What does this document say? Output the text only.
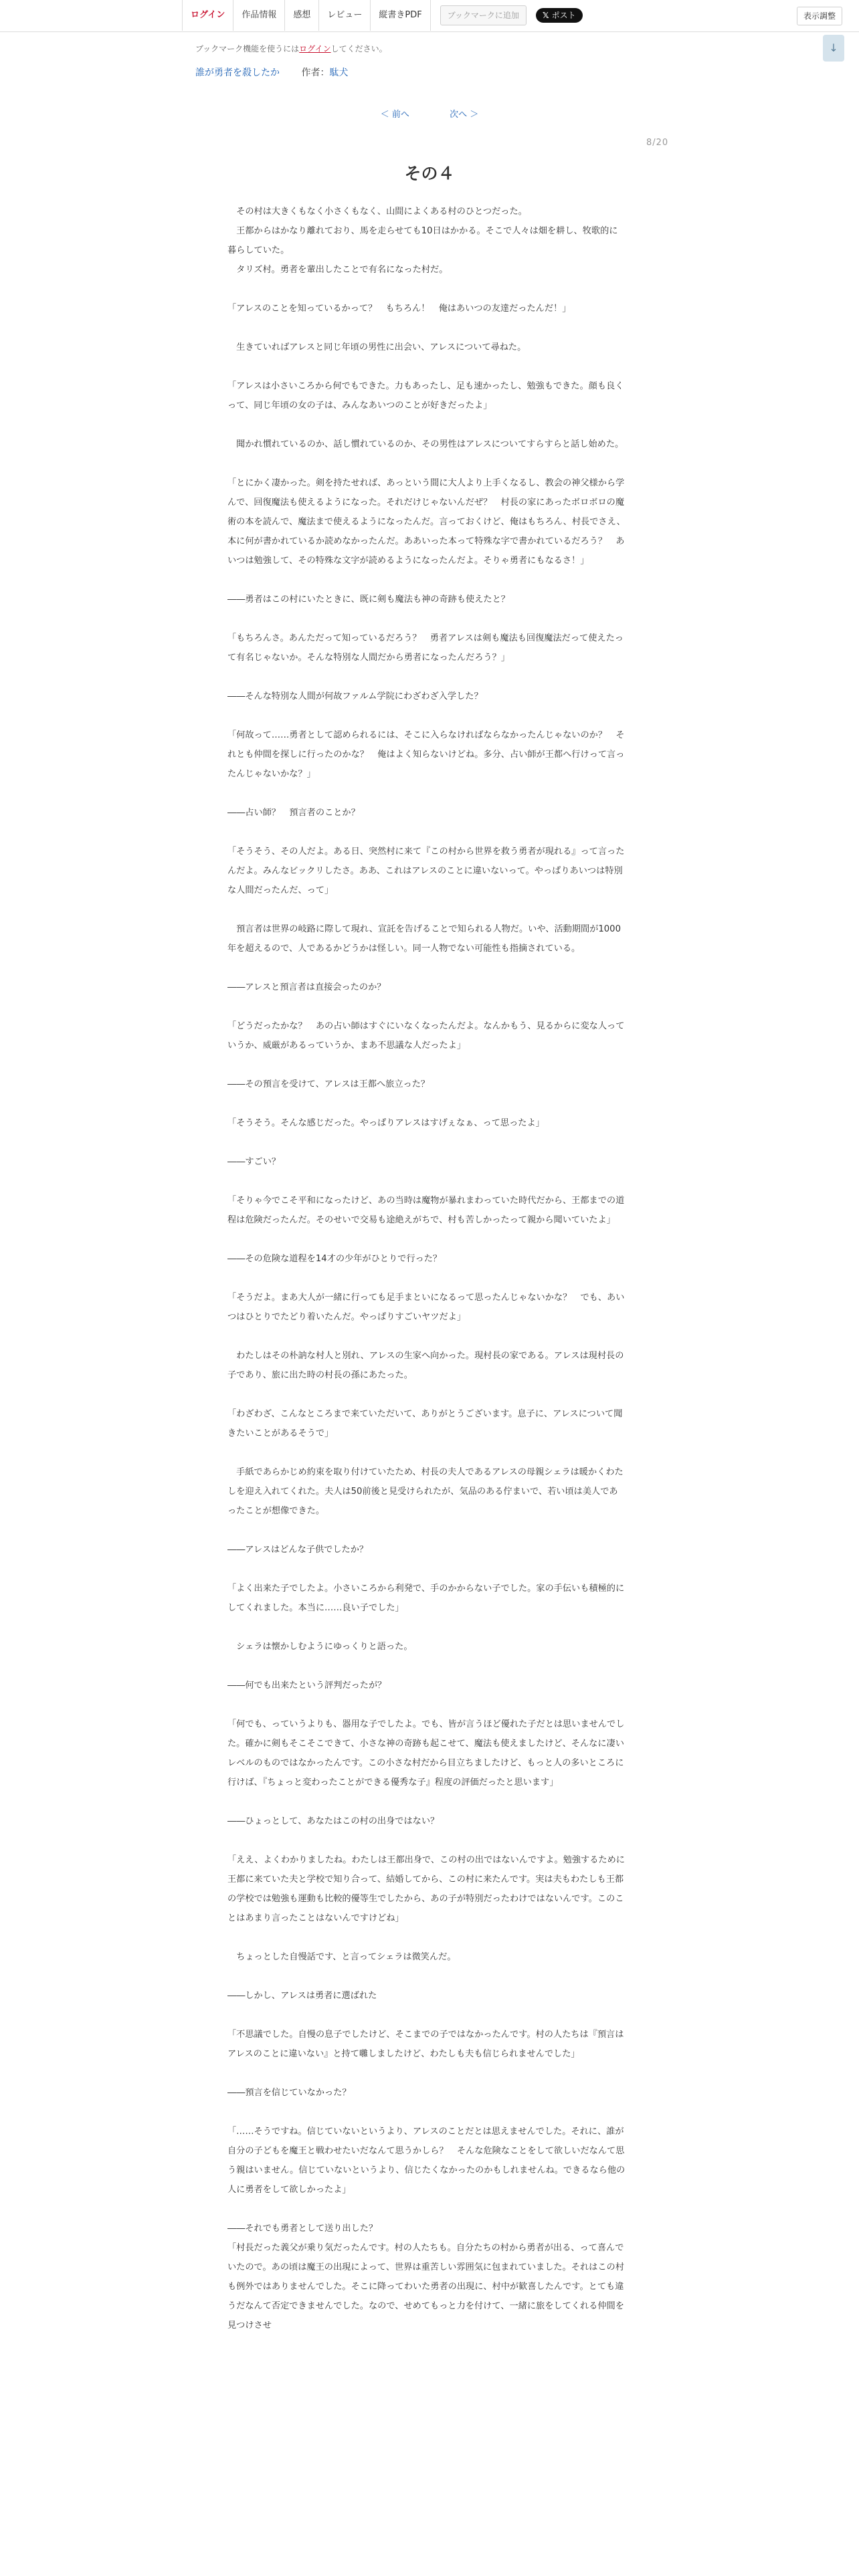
ログイン	作品情報	感想	レビュー	縦書きPDF	ブックマークに追加	𝕏 ポスト	表示調整
↓
ブックマーク機能を使うにはログインしてください。
誰が勇者を殺したか 作者：駄犬
＜ 前へ	次へ ＞
8/20
その４

　その村は大きくもなく小さくもなく、山間によくある村のひとつだった。

　王都からはかなり離れており、馬を走らせても10日はかかる。そこで人々は畑を耕し、牧歌的に暮らしていた。

　タリズ村。勇者を輩出したことで有名になった村だ。

「アレスのことを知っているかって？　もちろん！　俺はあいつの友達だったんだ！」

　生きていればアレスと同じ年頃の男性に出会い、アレスについて尋ねた。

「アレスは小さいころから何でもできた。力もあったし、足も速かったし、勉強もできた。顔も良くって、同じ年頃の女の子は、みんなあいつのことが好きだったよ」

　聞かれ慣れているのか、話し慣れているのか、その男性はアレスについてすらすらと話し始めた。

「とにかく凄かった。剣を持たせれば、あっという間に大人より上手くなるし、教会の神父様から学んで、回復魔法も使えるようになった。それだけじゃないんだぜ？　村長の家にあったボロボロの魔術の本を読んで、魔法まで使えるようになったんだ。言っておくけど、俺はもちろん、村長でさえ、本に何が書かれているか読めなかったんだ。ああいった本って特殊な字で書かれているだろう？　あいつは勉強して、その特殊な文字が読めるようになったんだよ。そりゃ勇者にもなるさ！」

――勇者はこの村にいたときに、既に剣も魔法も神の奇跡も使えたと？

「もちろんさ。あんただって知っているだろう？　勇者アレスは剣も魔法も回復魔法だって使えたって有名じゃないか。そんな特別な人間だから勇者になったんだろう？」

――そんな特別な人間が何故ファルム学院にわざわざ入学した？

「何故って……勇者として認められるには、そこに入らなければならなかったんじゃないのか？　それとも仲間を探しに行ったのかな？　俺はよく知らないけどね。多分、占い師が王都へ行けって言ったんじゃないかな？」

――占い師？　預言者のことか？

「そうそう、その人だよ。ある日、突然村に来て『この村から世界を救う勇者が現れる』って言ったんだよ。みんなビックリしたさ。ああ、これはアレスのことに違いないって。やっぱりあいつは特別な人間だったんだ、って」

　預言者は世界の岐路に際して現れ、宣託を告げることで知られる人物だ。いや、活動期間が1000年を超えるので、人であるかどうかは怪しい。同一人物でない可能性も指摘されている。

――アレスと預言者は直接会ったのか？

「どうだったかな？　あの占い師はすぐにいなくなったんだよ。なんかもう、見るからに変な人っていうか、威厳があるっていうか、まあ不思議な人だったよ」

――その預言を受けて、アレスは王都へ旅立った？

「そうそう。そんな感じだった。やっぱりアレスはすげぇなぁ、って思ったよ」

――すごい？

「そりゃ今でこそ平和になったけど、あの当時は魔物が暴れまわっていた時代だから、王都までの道程は危険だったんだ。そのせいで交易も途絶えがちで、村も苦しかったって親から聞いていたよ」

――その危険な道程を14才の少年がひとりで行った？

「そうだよ。まあ大人が一緒に行っても足手まといになるって思ったんじゃないかな？　でも、あいつはひとりでたどり着いたんだ。やっぱりすごいヤツだよ」

　わたしはその朴訥な村人と別れ、アレスの生家へ向かった。現村長の家である。アレスは現村長の子であり、旅に出た時の村長の孫にあたった。

「わざわざ、こんなところまで来ていただいて、ありがとうございます。息子に、アレスについて聞きたいことがあるそうで」

　手紙であらかじめ約束を取り付けていたため、村長の夫人であるアレスの母親シェラは暖かくわたしを迎え入れてくれた。夫人は50前後と見受けられたが、気品のある佇まいで、若い頃は美人であったことが想像できた。

――アレスはどんな子供でしたか？

「よく出来た子でしたよ。小さいころから利発で、手のかからない子でした。家の手伝いも積極的にしてくれました。本当に……良い子でした」

　シェラは懐かしむようにゆっくりと語った。

――何でも出来たという評判だったが？

「何でも、っていうよりも、器用な子でしたよ。でも、皆が言うほど優れた子だとは思いませんでした。確かに剣もそこそこできて、小さな神の奇跡も起こせて、魔法も使えましたけど、そんなに凄いレベルのものではなかったんです。この小さな村だから目立ちましたけど、もっと人の多いところに行けば、『ちょっと変わったことができる優秀な子』程度の評価だったと思います」

――ひょっとして、あなたはこの村の出身ではない？

「ええ、よくわかりましたね。わたしは王都出身で、この村の出ではないんですよ。勉強するために王都に来ていた夫と学校で知り合って、結婚してから、この村に来たんです。実は夫もわたしも王都の学校では勉強も運動も比較的優等生でしたから、あの子が特別だったわけではないんです。このことはあまり言ったことはないんですけどね」

　ちょっとした自慢話です、と言ってシェラは微笑んだ。

――しかし、アレスは勇者に選ばれた

「不思議でした。自慢の息子でしたけど、そこまでの子ではなかったんです。村の人たちは『預言はアレスのことに違いない』と持て囃しましたけど、わたしも夫も信じられませんでした」

――預言を信じていなかった？

「……そうですね。信じていないというより、アレスのことだとは思えませんでした。それに、誰が自分の子どもを魔王と戦わせたいだなんて思うかしら？　そんな危険なことをして欲しいだなんて思う親はいません。信じていないというより、信じたくなかったのかもしれませんね。できるなら他の人に勇者をして欲しかったよ」

――それでも勇者として送り出した？

「村長だった義父が乗り気だったんです。村の人たちも。自分たちの村から勇者が出る、って喜んでいたので。あの頃は魔王の出現によって、世界は重苦しい雰囲気に包まれていました。それはこの村も例外ではありませんでした。そこに降ってわいた勇者の出現に、村中が歓喜したんです。とても違うだなんて否定できませんでした。なので、せめてもっと力を付けて、一緒に旅をしてくれる仲間を見つけさせ
